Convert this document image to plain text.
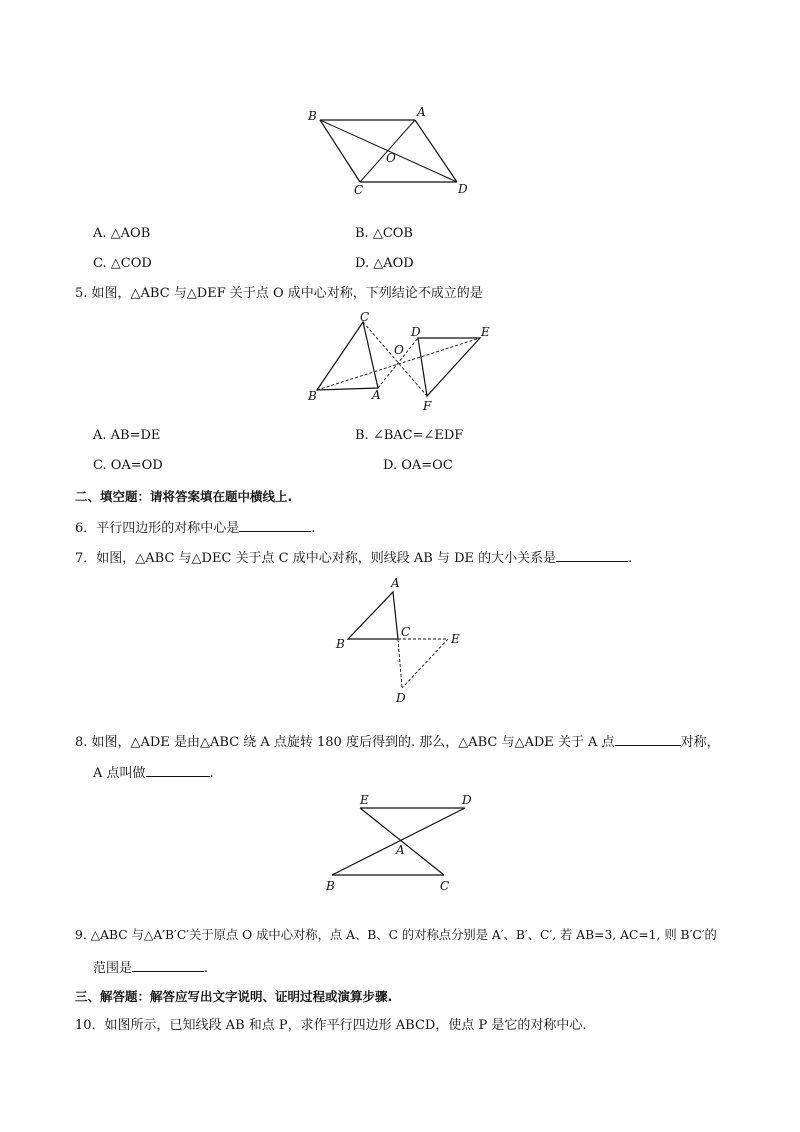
B	A
O
C	D
A. △AOB	B. △COB
C. △COD	D. △AOD
5. 如图，△ABC 与△DEF 关于点 O 成中心对称，下列结论不成立的是
C
D	E
O
B	A
F
A. AB=DE	B. ∠BAC=∠EDF
C. OA=OD	D. OA=OC
二、填空题：请将答案填在题中横线上.
6．平行四边形的对称中心是	.
7．如图，△ABC 与△DEC 关于点 C 成中心对称，则线段 AB 与 DE 的大小关系是	.
A
B
C	E
D
8. 如图，△ADE 是由△ABC 绕 A 点旋转 180 度后得到的. 那么，△ABC 与△ADE 关于 A 点	对称，
A 点叫做	.
E	D
A
B	C
9. △ABC 与△A′B′C′关于原点 O 成中心对称，点 A、B、C 的对称点分别是 A′、B′、C′, 若 AB=3, AC=1, 则 B′C′的
范围是	.
三、解答题：解答应写出文字说明、证明过程或演算步骤.
10．如图所示，已知线段 AB 和点 P，求作平行四边形 ABCD，使点 P 是它的对称中心.
